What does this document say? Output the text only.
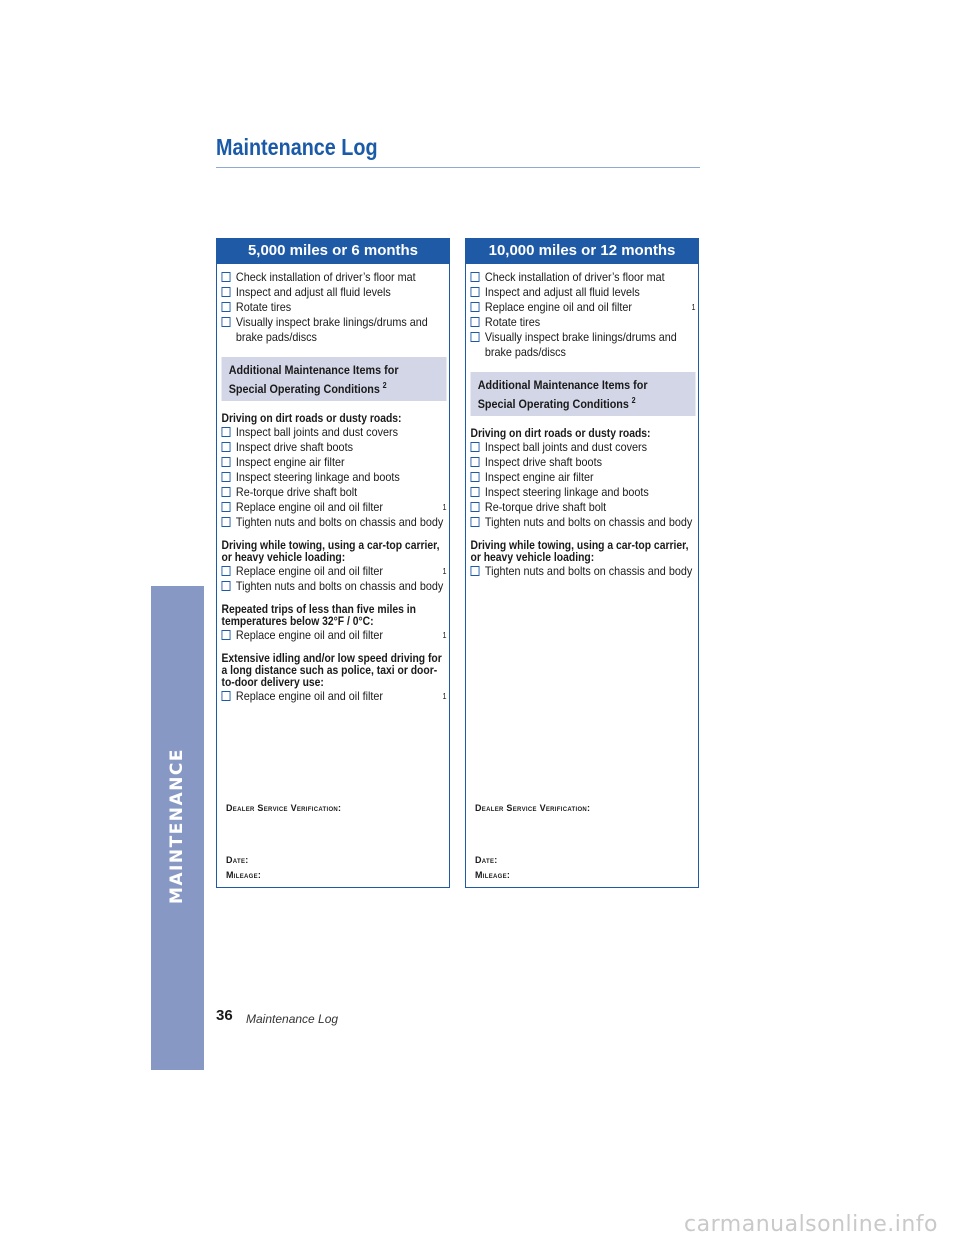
MAINTENANCE
Maintenance Log
5,000 miles or 6 months
Check installation of driver’s floor mat
Inspect and adjust all fluid levels
Rotate tires
Visually inspect brake linings/drums and brake pads/discs
Additional Maintenance Items for Special Operating Conditions $^2$
Driving on dirt roads or dusty roads:
Inspect ball joints and dust covers
Inspect drive shaft boots
Inspect engine air filter
Inspect steering linkage and boots
Re-torque drive shaft bolt
Replace engine oil and oil filter	1
Tighten nuts and bolts on chassis and body
Driving while towing, using a car-top carrier, or heavy vehicle loading:
Replace engine oil and oil filter	1
Tighten nuts and bolts on chassis and body
Repeated trips of less than five miles in temperatures below 32°F / 0°C:
Replace engine oil and oil filter	1
Extensive idling and/or low speed driving for a long distance such as police, taxi or door-to-door delivery use:
Replace engine oil and oil filter	1
Dealer Service Verification:
Date:
Mileage:
10,000 miles or 12 months
Check installation of driver’s floor mat
Inspect and adjust all fluid levels
Replace engine oil and oil filter	1
Rotate tires
Visually inspect brake linings/drums and brake pads/discs
Additional Maintenance Items for Special Operating Conditions $^2$
Driving on dirt roads or dusty roads:
Inspect ball joints and dust covers
Inspect drive shaft boots
Inspect engine air filter
Inspect steering linkage and boots
Re-torque drive shaft bolt
Tighten nuts and bolts on chassis and body
Driving while towing, using a car-top carrier, or heavy vehicle loading:
Tighten nuts and bolts on chassis and body
Dealer Service Verification:
Date:
Mileage:
36 Maintenance Log
carmanualsonline.info
